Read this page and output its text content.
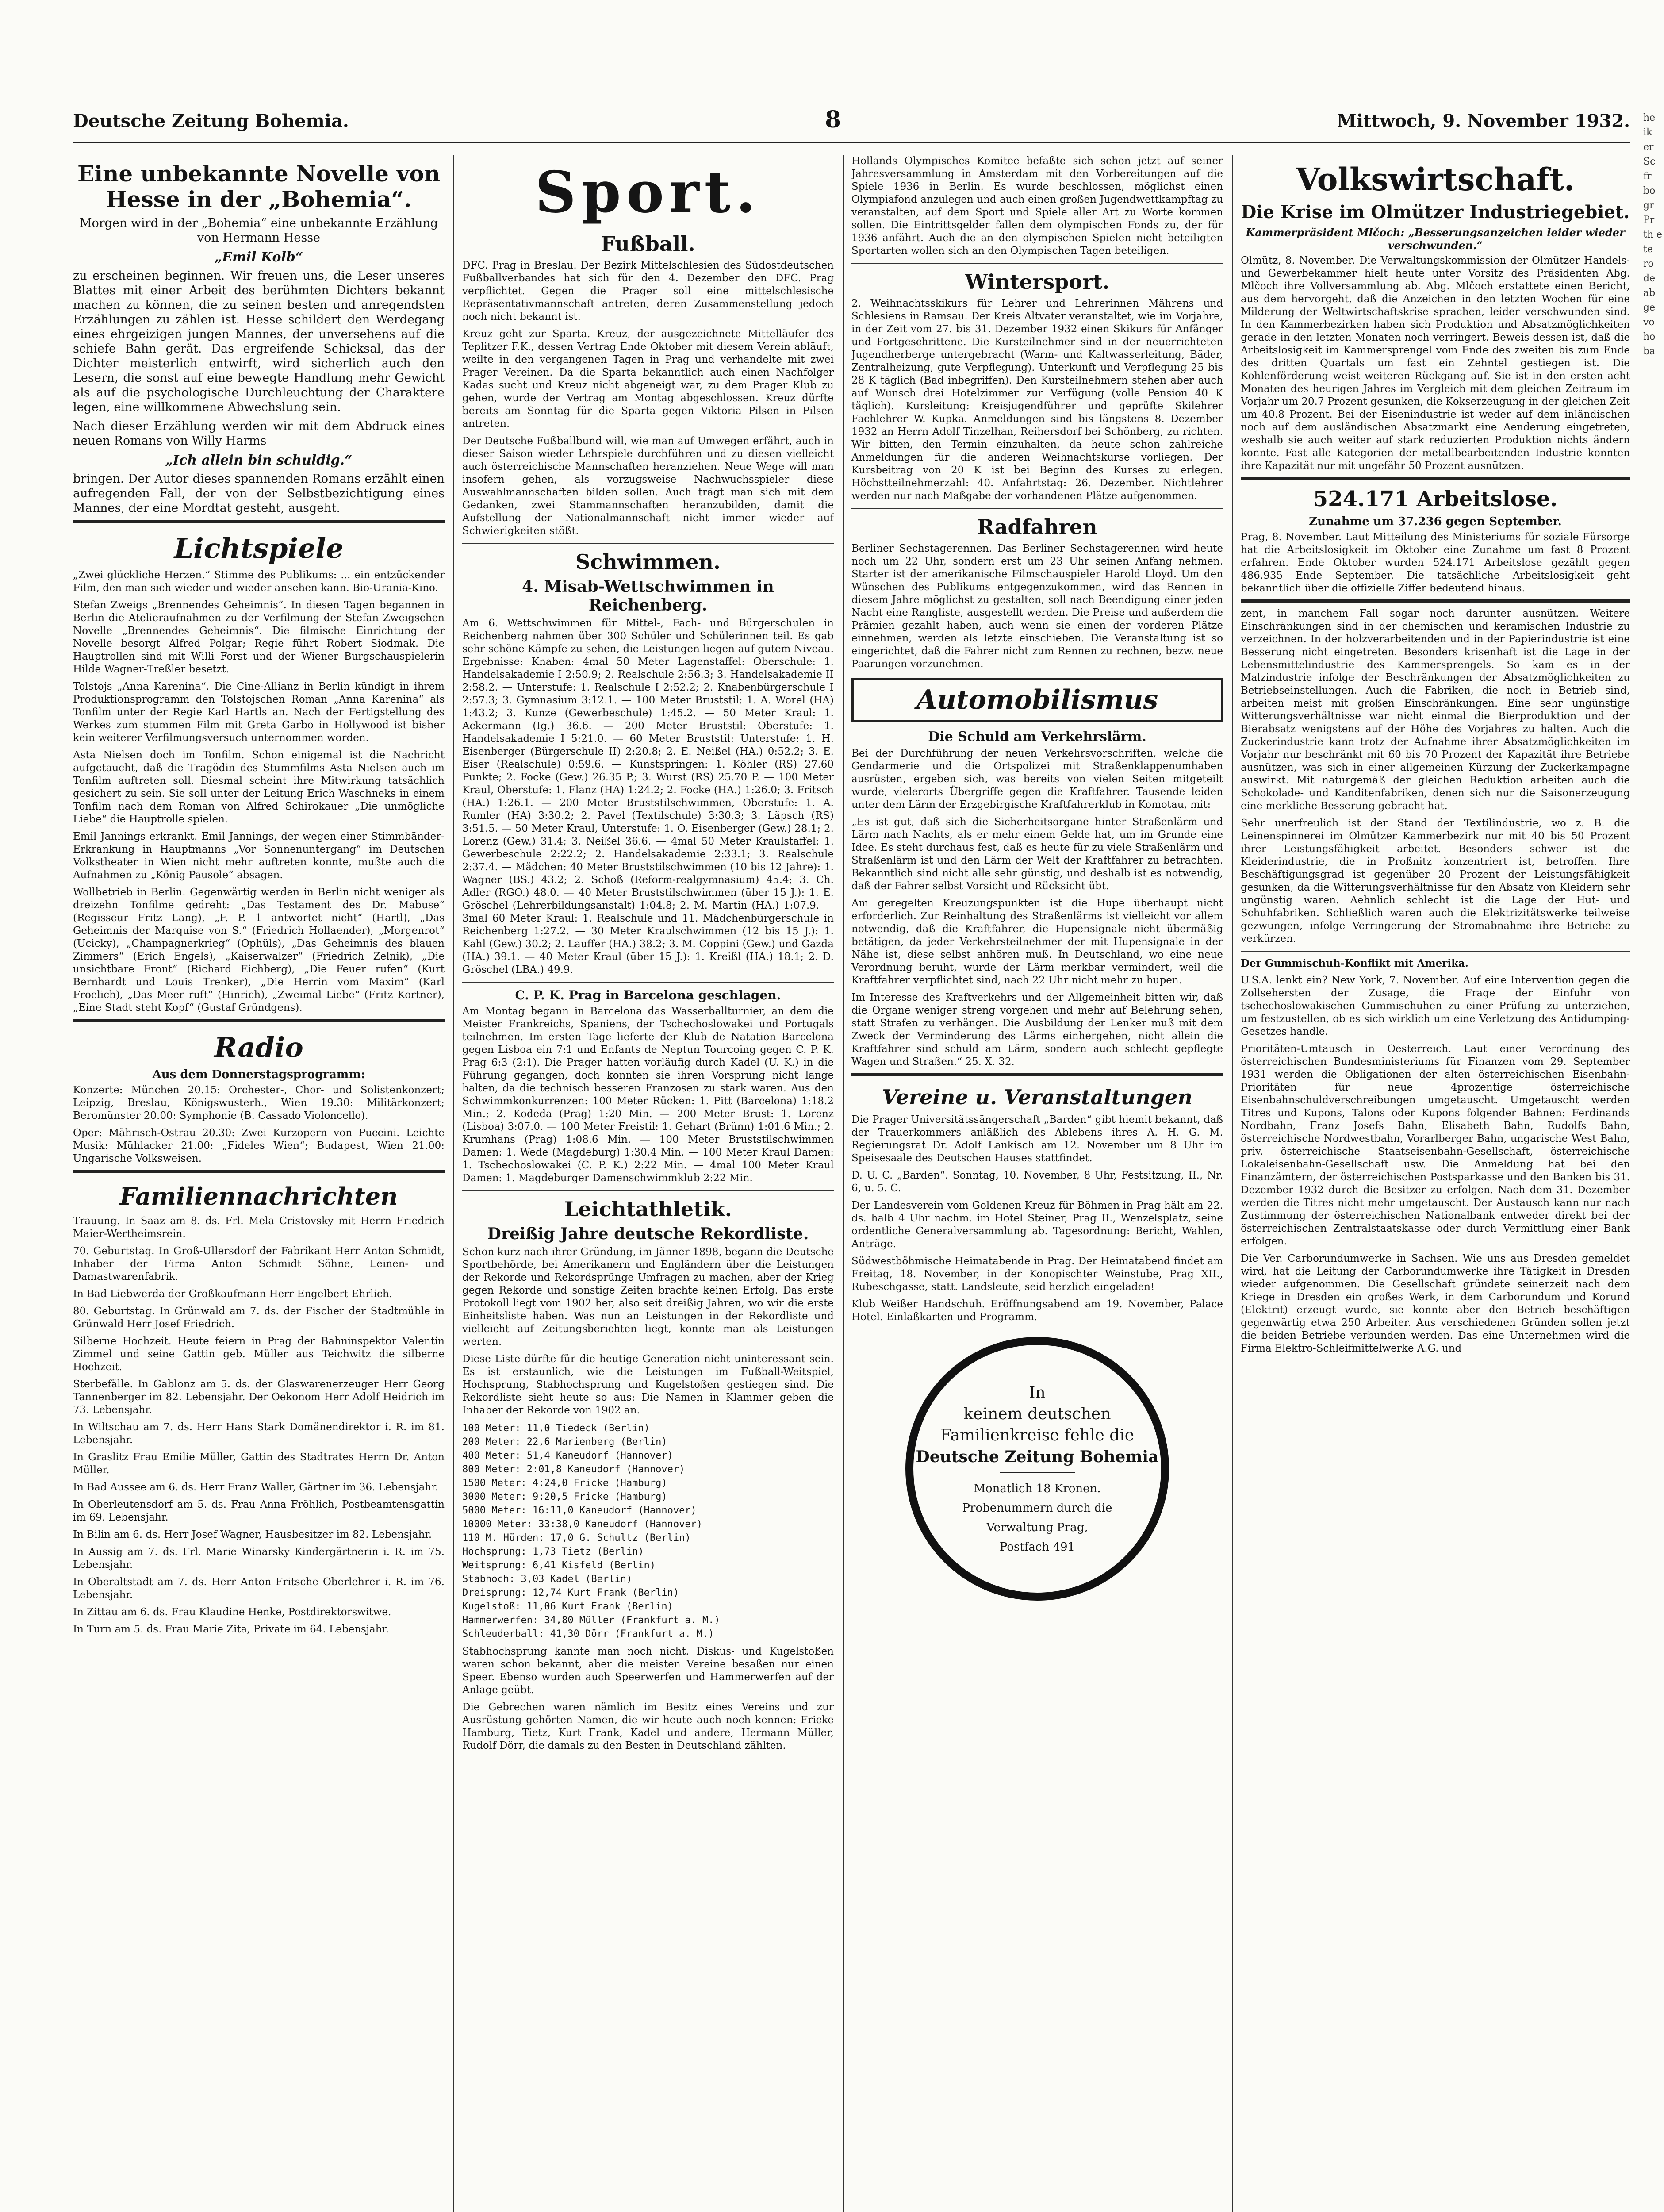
Deutsche Zeitung Bohemia.	8	Mittwoch, 9. November 1932.
Eine unbekannte Novelle von Hesse in der „Bohemia“.

Morgen wird in der „Bohemia“ eine unbekannte Erzählung von Hermann Hesse

„Emil Kolb“

zu erscheinen beginnen. Wir freuen uns, die Leser unseres Blattes mit einer Arbeit des berühmten Dichters bekannt machen zu können, die zu seinen besten und anregendsten Erzählungen zu zählen ist. Hesse schildert den Werdegang eines ehrgeizigen jungen Mannes, der unversehens auf die schiefe Bahn gerät. Das ergreifende Schicksal, das der Dichter meisterlich entwirft, wird sicherlich auch den Lesern, die sonst auf eine bewegte Handlung mehr Gewicht als auf die psychologische Durchleuchtung der Charaktere legen, eine willkommene Abwechslung sein.

Nach dieser Erzählung werden wir mit dem Abdruck eines neuen Romans von Willy Harms

„Ich allein bin schuldig.“

bringen. Der Autor dieses spannenden Romans erzählt einen aufregenden Fall, der von der Selbstbezichtigung eines Mannes, der eine Mordtat gesteht, ausgeht.

Lichtspiele

„Zwei glückliche Herzen.“ Stimme des Publikums: ... ein entzückender Film, den man sich wieder und wieder ansehen kann. Bio-Urania-Kino.

Stefan Zweigs „Brennendes Geheimnis“. In diesen Tagen begannen in Berlin die Atelieraufnahmen zu der Verfilmung der Stefan Zweigschen Novelle „Brennendes Geheimnis“. Die filmische Einrichtung der Novelle besorgt Alfred Polgar; Regie führt Robert Siodmak. Die Hauptrollen sind mit Willi Forst und der Wiener Burgschauspielerin Hilde Wagner-Treßler besetzt.

Tolstojs „Anna Karenina“. Die Cine-Allianz in Berlin kündigt in ihrem Produktionsprogramm den Tolstojschen Roman „Anna Karenina“ als Tonfilm unter der Regie Karl Hartls an. Nach der Fertigstellung des Werkes zum stummen Film mit Greta Garbo in Hollywood ist bisher kein weiterer Verfilmungsversuch unternommen worden.

Asta Nielsen doch im Tonfilm. Schon einigemal ist die Nachricht aufgetaucht, daß die Tragödin des Stummfilms Asta Nielsen auch im Tonfilm auftreten soll. Diesmal scheint ihre Mitwirkung tatsächlich gesichert zu sein. Sie soll unter der Leitung Erich Waschneks in einem Tonfilm nach dem Roman von Alfred Schirokauer „Die unmögliche Liebe“ die Hauptrolle spielen.

Emil Jannings erkrankt. Emil Jannings, der wegen einer Stimmbänder-Erkrankung in Hauptmanns „Vor Sonnenuntergang“ im Deutschen Volkstheater in Wien nicht mehr auftreten konnte, mußte auch die Aufnahmen zu „König Pausole“ absagen.

Wollbetrieb in Berlin. Gegenwärtig werden in Berlin nicht weniger als dreizehn Tonfilme gedreht: „Das Testament des Dr. Mabuse“ (Regisseur Fritz Lang), „F. P. 1 antwortet nicht“ (Hartl), „Das Geheimnis der Marquise von S.“ (Friedrich Hollaender), „Morgenrot“ (Ucicky), „Champagnerkrieg“ (Ophüls), „Das Geheimnis des blauen Zimmers“ (Erich Engels), „Kaiserwalzer“ (Friedrich Zelnik), „Die unsichtbare Front“ (Richard Eichberg), „Die Feuer rufen“ (Kurt Bernhardt und Louis Trenker), „Die Herrin vom Maxim“ (Karl Froelich), „Das Meer ruft“ (Hinrich), „Zweimal Liebe“ (Fritz Kortner), „Eine Stadt steht Kopf“ (Gustaf Gründgens).

Radio
Aus dem Donnerstagsprogramm:

Konzerte: München 20.15: Orchester-, Chor- und Solistenkonzert; Leipzig, Breslau, Königswusterh., Wien 19.30: Militärkonzert; Beromünster 20.00: Symphonie (B. Cassado Violoncello).

Oper: Mährisch-Ostrau 20.30: Zwei Kurzopern von Puccini. Leichte Musik: Mühlacker 21.00: „Fideles Wien“; Budapest, Wien 21.00: Ungarische Volksweisen.

Familiennachrichten

Trauung. In Saaz am 8. ds. Frl. Mela Cristovsky mit Herrn Friedrich Maier-Wertheimsrein.

70. Geburtstag. In Groß-Ullersdorf der Fabrikant Herr Anton Schmidt, Inhaber der Firma Anton Schmidt Söhne, Leinen- und Damastwarenfabrik.

In Bad Liebwerda der Großkaufmann Herr Engelbert Ehrlich.

80. Geburtstag. In Grünwald am 7. ds. der Fischer der Stadtmühle in Grünwald Herr Josef Friedrich.

Silberne Hochzeit. Heute feiern in Prag der Bahninspektor Valentin Zimmel und seine Gattin geb. Müller aus Teichwitz die silberne Hochzeit.

Sterbefälle. In Gablonz am 5. ds. der Glaswarenerzeuger Herr Georg Tannenberger im 82. Lebensjahr. Der Oekonom Herr Adolf Heidrich im 73. Lebensjahr.

In Wiltschau am 7. ds. Herr Hans Stark Domänendirektor i. R. im 81. Lebensjahr.

In Graslitz Frau Emilie Müller, Gattin des Stadtrates Herrn Dr. Anton Müller.

In Bad Aussee am 6. ds. Herr Franz Waller, Gärtner im 36. Lebensjahr.

In Oberleutensdorf am 5. ds. Frau Anna Fröhlich, Postbeamtensgattin im 69. Lebensjahr.

In Bilin am 6. ds. Herr Josef Wagner, Hausbesitzer im 82. Lebensjahr.

In Aussig am 7. ds. Frl. Marie Winarsky Kindergärtnerin i. R. im 75. Lebensjahr.

In Oberaltstadt am 7. ds. Herr Anton Fritsche Oberlehrer i. R. im 76. Lebensjahr.

In Zittau am 6. ds. Frau Klaudine Henke, Postdirektorswitwe.

In Turn am 5. ds. Frau Marie Zita, Private im 64. Lebensjahr.

Sport.
Fußball.

DFC. Prag in Breslau. Der Bezirk Mittelschlesien des Südostdeutschen Fußballverbandes hat sich für den 4. Dezember den DFC. Prag verpflichtet. Gegen die Prager soll eine mittelschlesische Repräsentativmannschaft antreten, deren Zusammenstellung jedoch noch nicht bekannt ist.

Kreuz geht zur Sparta. Kreuz, der ausgezeichnete Mittelläufer des Teplitzer F.K., dessen Vertrag Ende Oktober mit diesem Verein abläuft, weilte in den vergangenen Tagen in Prag und verhandelte mit zwei Prager Vereinen. Da die Sparta bekanntlich auch einen Nachfolger Kadas sucht und Kreuz nicht abgeneigt war, zu dem Prager Klub zu gehen, wurde der Vertrag am Montag abgeschlossen. Kreuz dürfte bereits am Sonntag für die Sparta gegen Viktoria Pilsen in Pilsen antreten.

Der Deutsche Fußballbund will, wie man auf Umwegen erfährt, auch in dieser Saison wieder Lehrspiele durchführen und zu diesen vielleicht auch österreichische Mannschaften heranziehen. Neue Wege will man insofern gehen, als vorzugsweise Nachwuchsspieler diese Auswahlmannschaften bilden sollen. Auch trägt man sich mit dem Gedanken, zwei Stammannschaften heranzubilden, damit die Aufstellung der Nationalmannschaft nicht immer wieder auf Schwierigkeiten stößt.

Schwimmen.
4. Misab-Wettschwimmen in Reichenberg.

Am 6. Wettschwimmen für Mittel-, Fach- und Bürgerschulen in Reichenberg nahmen über 300 Schüler und Schülerinnen teil. Es gab sehr schöne Kämpfe zu sehen, die Leistungen liegen auf gutem Niveau. Ergebnisse: Knaben: 4mal 50 Meter Lagenstaffel: Oberschule: 1. Handelsakademie I 2:50.9; 2. Realschule 2:56.3; 3. Handelsakademie II 2:58.2. — Unterstufe: 1. Realschule I 2:52.2; 2. Knabenbürgerschule I 2:57.3; 3. Gymnasium 3:12.1. — 100 Meter Bruststil: 1. A. Worel (HA) 1:43.2; 3. Kunze (Gewerbeschule) 1:45.2. — 50 Meter Kraul: 1. Ackermann (Ig.) 36.6. — 200 Meter Bruststil: Oberstufe: 1. Handelsakademie I 5:21.0. — 60 Meter Bruststil: Unterstufe: 1. H. Eisenberger (Bürgerschule II) 2:20.8; 2. E. Neißel (HA.) 0:52.2; 3. E. Eiser (Realschule) 0:59.6. — Kunstspringen: 1. Köhler (RS) 27.60 Punkte; 2. Focke (Gew.) 26.35 P.; 3. Wurst (RS) 25.70 P. — 100 Meter Kraul, Oberstufe: 1. Flanz (HA) 1:24.2; 2. Focke (HA.) 1:26.0; 3. Fritsch (HA.) 1:26.1. — 200 Meter Bruststilschwimmen, Oberstufe: 1. A. Rumler (HA) 3:30.2; 2. Pavel (Textilschule) 3:30.3; 3. Läpsch (RS) 3:51.5. — 50 Meter Kraul, Unterstufe: 1. O. Eisenberger (Gew.) 28.1; 2. Lorenz (Gew.) 31.4; 3. Neißel 36.6. — 4mal 50 Meter Kraulstaffel: 1. Gewerbeschule 2:22.2; 2. Handelsakademie 2:33.1; 3. Realschule 2:37.4. — Mädchen: 40 Meter Bruststilschwimmen (10 bis 12 Jahre): 1. Wagner (BS.) 43.2; 2. Schoß (Reform-realgymnasium) 45.4; 3. Ch. Adler (RGO.) 48.0. — 40 Meter Bruststilschwimmen (über 15 J.): 1. E. Gröschel (Lehrerbildungsanstalt) 1:04.8; 2. M. Martin (HA.) 1:07.9. — 3mal 60 Meter Kraul: 1. Realschule und 11. Mädchenbürgerschule in Reichenberg 1:27.2. — 30 Meter Kraulschwimmen (12 bis 15 J.): 1. Kahl (Gew.) 30.2; 2. Lauffer (HA.) 38.2; 3. M. Coppini (Gew.) und Gazda (HA.) 39.1. — 40 Meter Kraul (über 15 J.): 1. Kreißl (HA.) 18.1; 2. D. Gröschel (LBA.) 49.9.

C. P. K. Prag in Barcelona geschlagen.

Am Montag begann in Barcelona das Wasserballturnier, an dem die Meister Frankreichs, Spaniens, der Tschechoslowakei und Portugals teilnehmen. Im ersten Tage lieferte der Klub de Natation Barcelona gegen Lisboa ein 7:1 und Enfants de Neptun Tourcoing gegen C. P. K. Prag 6:3 (2:1). Die Prager hatten vorläufig durch Kadel (U. K.) in die Führung gegangen, doch konnten sie ihren Vorsprung nicht lange halten, da die technisch besseren Franzosen zu stark waren. Aus den Schwimmkonkurrenzen: 100 Meter Rücken: 1. Pitt (Barcelona) 1:18.2 Min.; 2. Kodeda (Prag) 1:20 Min. — 200 Meter Brust: 1. Lorenz (Lisboa) 3:07.0. — 100 Meter Freistil: 1. Gehart (Brünn) 1:01.6 Min.; 2. Krumhans (Prag) 1:08.6 Min. — 100 Meter Bruststilschwimmen Damen: 1. Wede (Magdeburg) 1:30.4 Min. — 100 Meter Kraul Damen: 1. Tschechoslowakei (C. P. K.) 2:22 Min. — 4mal 100 Meter Kraul Damen: 1. Magdeburger Damenschwimmklub 2:22 Min.

Leichtathletik.
Dreißig Jahre deutsche Rekordliste.

Schon kurz nach ihrer Gründung, im Jänner 1898, begann die Deutsche Sportbehörde, bei Amerikanern und Engländern über die Leistungen der Rekorde und Rekordsprünge Umfragen zu machen, aber der Krieg gegen Rekorde und sonstige Zeiten brachte keinen Erfolg. Das erste Protokoll liegt vom 1902 her, also seit dreißig Jahren, wo wir die erste Einheitsliste haben. Was nun an Leistungen in der Rekordliste und vielleicht auf Zeitungsberichten liegt, konnte man als Leistungen werten.

Diese Liste dürfte für die heutige Generation nicht uninteressant sein. Es ist erstaunlich, wie die Leistungen im Fußball-Weitspiel, Hochsprung, Stabhochsprung und Kugelstoßen gestiegen sind. Die Rekordliste sieht heute so aus: Die Namen in Klammer geben die Inhaber der Rekorde von 1902 an.

100 Meter: 11,0 Tiedeck (Berlin)
200 Meter: 22,6 Marienberg (Berlin)
400 Meter: 51,4 Kaneudorf (Hannover)
800 Meter: 2:01,8 Kaneudorf (Hannover)
1500 Meter: 4:24,0 Fricke (Hamburg)
3000 Meter: 9:20,5 Fricke (Hamburg)
5000 Meter: 16:11,0 Kaneudorf (Hannover)
10000 Meter: 33:38,0 Kaneudorf (Hannover)
110 M. Hürden: 17,0 G. Schultz (Berlin)
Hochsprung: 1,73 Tietz (Berlin)
Weitsprung: 6,41 Kisfeld (Berlin)
Stabhoch: 3,03 Kadel (Berlin)
Dreisprung: 12,74 Kurt Frank (Berlin)
Kugelstoß: 11,06 Kurt Frank (Berlin)
Hammerwerfen: 34,80 Müller (Frankfurt a. M.)
Schleuderball: 41,30 Dörr (Frankfurt a. M.)

Stabhochsprung kannte man noch nicht. Diskus- und Kugelstoßen waren schon bekannt, aber die meisten Vereine besaßen nur einen Speer. Ebenso wurden auch Speerwerfen und Hammerwerfen auf der Anlage geübt.

Die Gebrechen waren nämlich im Besitz eines Vereins und zur Ausrüstung gehörten Namen, die wir heute auch noch kennen: Fricke Hamburg, Tietz, Kurt Frank, Kadel und andere, Hermann Müller, Rudolf Dörr, die damals zu den Besten in Deutschland zählten.

Hollands Olympisches Komitee befaßte sich schon jetzt auf seiner Jahresversammlung in Amsterdam mit den Vorbereitungen auf die Spiele 1936 in Berlin. Es wurde beschlossen, möglichst einen Olympiafond anzulegen und auch einen großen Jugendwettkampftag zu veranstalten, auf dem Sport und Spiele aller Art zu Worte kommen sollen. Die Eintrittsgelder fallen dem olympischen Fonds zu, der für 1936 anfährt. Auch die an den olympischen Spielen nicht beteiligten Sportarten wollen sich an den Olympischen Tagen beteiligen.

Wintersport.

2. Weihnachtsskikurs für Lehrer und Lehrerinnen Mährens und Schlesiens in Ramsau. Der Kreis Altvater veranstaltet, wie im Vorjahre, in der Zeit vom 27. bis 31. Dezember 1932 einen Skikurs für Anfänger und Fortgeschrittene. Die Kursteilnehmer sind in der neuerrichteten Jugendherberge untergebracht (Warm- und Kaltwasserleitung, Bäder, Zentralheizung, gute Verpflegung). Unterkunft und Verpflegung 25 bis 28 K täglich (Bad inbegriffen). Den Kursteilnehmern stehen aber auch auf Wunsch drei Hotelzimmer zur Verfügung (volle Pension 40 K täglich). Kursleitung: Kreisjugendführer und geprüfte Skilehrer Fachlehrer W. Kupka. Anmeldungen sind bis längstens 8. Dezember 1932 an Herrn Adolf Tinzelhan, Reihersdorf bei Schönberg, zu richten. Wir bitten, den Termin einzuhalten, da heute schon zahlreiche Anmeldungen für die anderen Weihnachtskurse vorliegen. Der Kursbeitrag von 20 K ist bei Beginn des Kurses zu erlegen. Höchstteilnehmerzahl: 40. Anfahrtstag: 26. Dezember. Nichtlehrer werden nur nach Maßgabe der vorhandenen Plätze aufgenommen.

Radfahren

Berliner Sechstagerennen. Das Berliner Sechstagerennen wird heute noch um 22 Uhr, sondern erst um 23 Uhr seinen Anfang nehmen. Starter ist der amerikanische Filmschauspieler Harold Lloyd. Um den Wünschen des Publikums entgegenzukommen, wird das Rennen in diesem Jahre möglichst zu gestalten, soll nach Beendigung einer jeden Nacht eine Rangliste, ausgestellt werden. Die Preise und außerdem die Prämien gezahlt haben, auch wenn sie einen der vorderen Plätze einnehmen, werden als letzte einschieben. Die Veranstaltung ist so eingerichtet, daß die Fahrer nicht zum Rennen zu rechnen, bezw. neue Paarungen vorzunehmen.

Automobilismus
Die Schuld am Verkehrslärm.

Bei der Durchführung der neuen Verkehrsvorschriften, welche die Gendarmerie und die Ortspolizei mit Straßenklappenumhaben ausrüsten, ergeben sich, was bereits von vielen Seiten mitgeteilt wurde, vielerorts Übergriffe gegen die Kraftfahrer. Tausende leiden unter dem Lärm der Erzgebirgische Kraftfahrerklub in Komotau, mit:

„Es ist gut, daß sich die Sicherheitsorgane hinter Straßenlärm und Lärm nach Nachts, als er mehr einem Gelde hat, um im Grunde eine Idee. Es steht durchaus fest, daß es heute für zu viele Straßenlärm und Straßenlärm ist und den Lärm der Welt der Kraftfahrer zu betrachten. Bekanntlich sind nicht alle sehr günstig, und deshalb ist es notwendig, daß der Fahrer selbst Vorsicht und Rücksicht übt.

Am geregelten Kreuzungspunkten ist die Hupe überhaupt nicht erforderlich. Zur Reinhaltung des Straßenlärms ist vielleicht vor allem notwendig, daß die Kraftfahrer, die Hupensignale nicht übermäßig betätigen, da jeder Verkehrsteilnehmer der mit Hupensignale in der Nähe ist, diese selbst anhören muß. In Deutschland, wo eine neue Verordnung beruht, wurde der Lärm merkbar vermindert, weil die Kraftfahrer verpflichtet sind, nach 22 Uhr nicht mehr zu hupen.

Im Interesse des Kraftverkehrs und der Allgemeinheit bitten wir, daß die Organe weniger streng vorgehen und mehr auf Belehrung sehen, statt Strafen zu verhängen. Die Ausbildung der Lenker muß mit dem Zweck der Verminderung des Lärms einhergehen, nicht allein die Kraftfahrer sind schuld am Lärm, sondern auch schlecht gepflegte Wagen und Straßen.“ 25. X. 32.

Vereine u. Veranstaltungen

Die Prager Universitätssängerschaft „Barden“ gibt hiemit bekannt, daß der Trauerkommers anläßlich des Ablebens ihres A. H. G. M. Regierungsrat Dr. Adolf Lankisch am 12. November um 8 Uhr im Speisesaale des Deutschen Hauses stattfindet.

D. U. C. „Barden“. Sonntag, 10. November, 8 Uhr, Festsitzung, II., Nr. 6, u. 5. C.

Der Landesverein vom Goldenen Kreuz für Böhmen in Prag hält am 22. ds. halb 4 Uhr nachm. im Hotel Steiner, Prag II., Wenzelsplatz, seine ordentliche Generalversammlung ab. Tagesordnung: Bericht, Wahlen, Anträge.

Südwestböhmische Heimatabende in Prag. Der Heimatabend findet am Freitag, 18. November, in der Konopischter Weinstube, Prag XII., Rubeschgasse, statt. Landsleute, seid herzlich eingeladen!

Klub Weißer Handschuh. Eröffnungsabend am 19. November, Palace Hotel. Einlaßkarten und Programm.

In
keinem deutschen
Familienkreise fehle die
Deutsche Zeitung Bohemia
Monatlich 18 Kronen.
Probenummern durch die
Verwaltung Prag,
Postfach 491
Volkswirtschaft.
Die Krise im Olmützer Industriegebiet.
Kammerpräsident Mlčoch: „Besserungsanzeichen leider wieder verschwunden.“

Olmütz, 8. November. Die Verwaltungskommission der Olmützer Handels- und Gewerbekammer hielt heute unter Vorsitz des Präsidenten Abg. Mlčoch ihre Vollversammlung ab. Abg. Mlčoch erstattete einen Bericht, aus dem hervorgeht, daß die Anzeichen in den letzten Wochen für eine Milderung der Weltwirtschaftskrise sprachen, leider verschwunden sind. In den Kammerbezirken haben sich Produktion und Absatzmöglichkeiten gerade in den letzten Monaten noch verringert. Beweis dessen ist, daß die Arbeitslosigkeit im Kammersprengel vom Ende des zweiten bis zum Ende des dritten Quartals um fast ein Zehntel gestiegen ist. Die Kohlenförderung weist weiteren Rückgang auf. Sie ist in den ersten acht Monaten des heurigen Jahres im Vergleich mit dem gleichen Zeitraum im Vorjahr um 20.7 Prozent gesunken, die Kokserzeugung in der gleichen Zeit um 40.8 Prozent. Bei der Eisenindustrie ist weder auf dem inländischen noch auf dem ausländischen Absatzmarkt eine Aenderung eingetreten, weshalb sie auch weiter auf stark reduzierten Produktion nichts ändern konnte. Fast alle Kategorien der metallbearbeitenden Industrie konnten ihre Kapazität nur mit ungefähr 50 Prozent ausnützen.

524.171 Arbeitslose.
Zunahme um 37.236 gegen September.

Prag, 8. November. Laut Mitteilung des Ministeriums für soziale Fürsorge hat die Arbeitslosigkeit im Oktober eine Zunahme um fast 8 Prozent erfahren. Ende Oktober wurden 524.171 Arbeitslose gezählt gegen 486.935 Ende September. Die tatsächliche Arbeitslosigkeit geht bekanntlich über die offizielle Ziffer bedeutend hinaus.

zent, in manchem Fall sogar noch darunter ausnützen. Weitere Einschränkungen sind in der chemischen und keramischen Industrie zu verzeichnen. In der holzverarbeitenden und in der Papierindustrie ist eine Besserung nicht eingetreten. Besonders krisenhaft ist die Lage in der Lebensmittelindustrie des Kammersprengels. So kam es in der Malzindustrie infolge der Beschränkungen der Absatzmöglichkeiten zu Betriebseinstellungen. Auch die Fabriken, die noch in Betrieb sind, arbeiten meist mit großen Einschränkungen. Eine sehr ungünstige Witterungsverhältnisse war nicht einmal die Bierproduktion und der Bierabsatz wenigstens auf der Höhe des Vorjahres zu halten. Auch die Zuckerindustrie kann trotz der Aufnahme ihrer Absatzmöglichkeiten im Vorjahr nur beschränkt mit 60 bis 70 Prozent der Kapazität ihre Betriebe ausnützen, was sich in einer allgemeinen Kürzung der Zuckerkampagne auswirkt. Mit naturgemäß der gleichen Reduktion arbeiten auch die Schokolade- und Kanditenfabriken, denen sich nur die Saisonerzeugung eine merkliche Besserung gebracht hat.

Sehr unerfreulich ist der Stand der Textilindustrie, wo z. B. die Leinenspinnerei im Olmützer Kammerbezirk nur mit 40 bis 50 Prozent ihrer Leistungsfähigkeit arbeitet. Besonders schwer ist die Kleiderindustrie, die in Proßnitz konzentriert ist, betroffen. Ihre Beschäftigungsgrad ist gegenüber 20 Prozent der Leistungsfähigkeit gesunken, da die Witterungsverhältnisse für den Absatz von Kleidern sehr ungünstig waren. Aehnlich schlecht ist die Lage der Hut- und Schuhfabriken. Schließlich waren auch die Elektrizitätswerke teilweise gezwungen, infolge Verringerung der Stromabnahme ihre Betriebe zu verkürzen.

Der Gummischuh-Konflikt mit Amerika.

U.S.A. lenkt ein? New York, 7. November. Auf eine Intervention gegen die Zollsehersten der Zusage, die Frage der Einfuhr von tschechoslowakischen Gummischuhen zu einer Prüfung zu unterziehen, um festzustellen, ob es sich wirklich um eine Verletzung des Antidumping-Gesetzes handle.

Prioritäten-Umtausch in Oesterreich. Laut einer Verordnung des österreichischen Bundesministeriums für Finanzen vom 29. September 1931 werden die Obligationen der alten österreichischen Eisenbahn-Prioritäten für neue 4prozentige österreichische Eisenbahnschuldverschreibungen umgetauscht. Umgetauscht werden Titres und Kupons, Talons oder Kupons folgender Bahnen: Ferdinands Nordbahn, Franz Josefs Bahn, Elisabeth Bahn, Rudolfs Bahn, österreichische Nordwestbahn, Vorarlberger Bahn, ungarische West Bahn, priv. österreichische Staatseisenbahn-Gesellschaft, österreichische Lokaleisenbahn-Gesellschaft usw. Die Anmeldung hat bei den Finanzämtern, der österreichischen Postsparkasse und den Banken bis 31. Dezember 1932 durch die Besitzer zu erfolgen. Nach dem 31. Dezember werden die Titres nicht mehr umgetauscht. Der Austausch kann nur nach Zustimmung der österreichischen Nationalbank entweder direkt bei der österreichischen Zentralstaatskasse oder durch Vermittlung einer Bank erfolgen.

Die Ver. Carborundumwerke in Sachsen. Wie uns aus Dresden gemeldet wird, hat die Leitung der Carborundumwerke ihre Tätigkeit in Dresden wieder aufgenommen. Die Gesellschaft gründete seinerzeit nach dem Kriege in Dresden ein großes Werk, in dem Carborundum und Korund (Elektrit) erzeugt wurde, sie konnte aber den Betrieb beschäftigen gegenwärtig etwa 250 Arbeiter. Aus verschiedenen Gründen sollen jetzt die beiden Betriebe verbunden werden. Das eine Unternehmen wird die Firma Elektro-Schleifmittelwerke A.G. und

he ik er Sc fr bo gr Pr th e te ro de ab ge vo ho ba
